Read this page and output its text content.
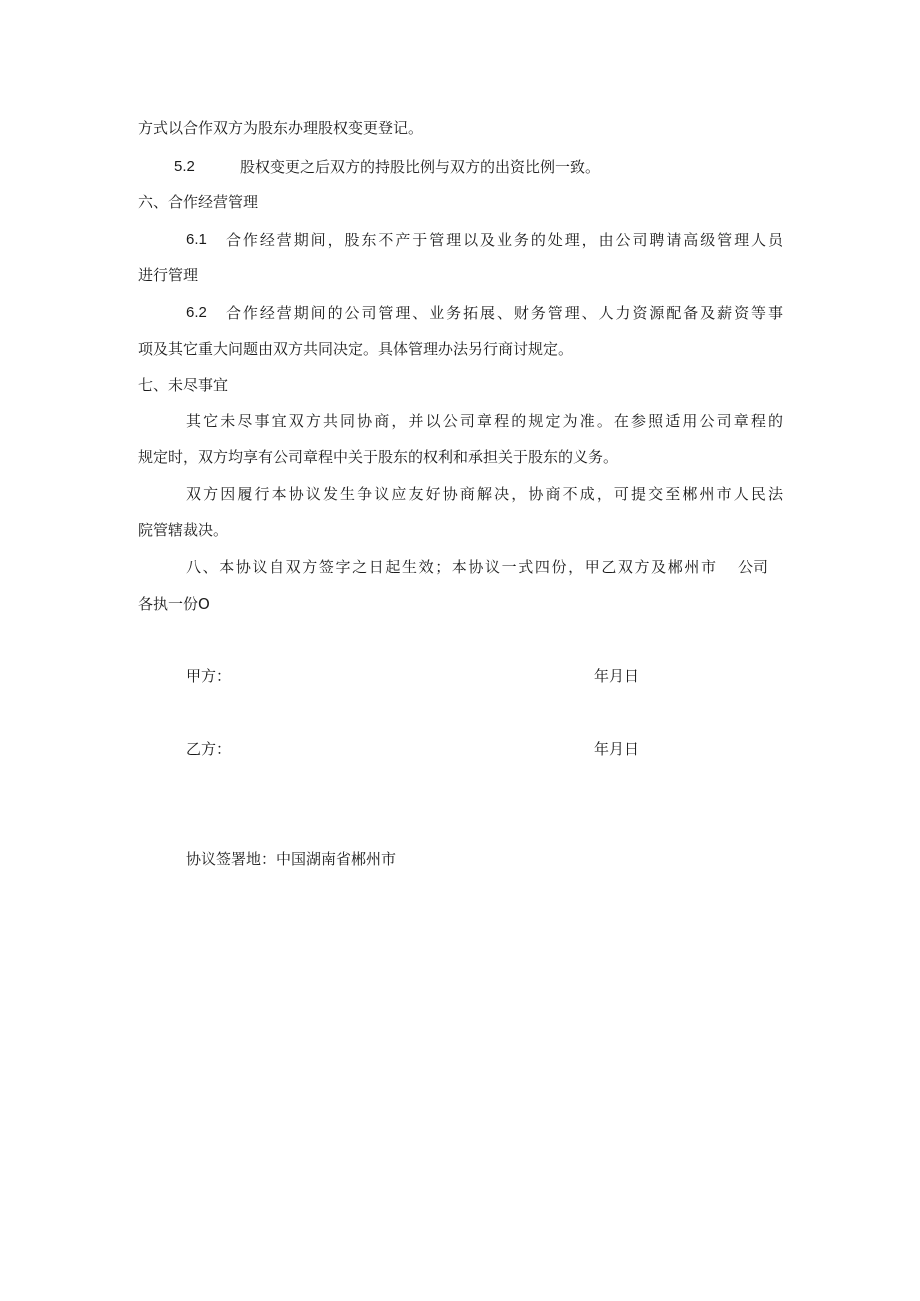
方式以合作双方为股东办理股权变更登记。
5.2	股权变更之后双方的持股比例与双方的出资比例一致。
六、合作经营管理
6.1 合作经营期间，股东不产于管理以及业务的处理，由公司聘请高级管理人员
进行管理
6.2 合作经营期间的公司管理、业务拓展、财务管理、人力资源配备及薪资等事
项及其它重大问题由双方共同决定。具体管理办法另行商讨规定。
七、未尽事宜
其它未尽事宜双方共同协商，并以公司章程的规定为准。在参照适用公司章程的
规定时，双方均享有公司章程中关于股东的权利和承担关于股东的义务。
双方因履行本协议发生争议应友好协商解决，协商不成，可提交至郴州市人民法
院管辖裁决。
八、本协议自双方签字之日起生效；本协议一式四份，甲乙双方及郴州市 公司
各执一份O
甲方：	年月日
乙方：	年月日
协议签署地：中国湖南省郴州市
